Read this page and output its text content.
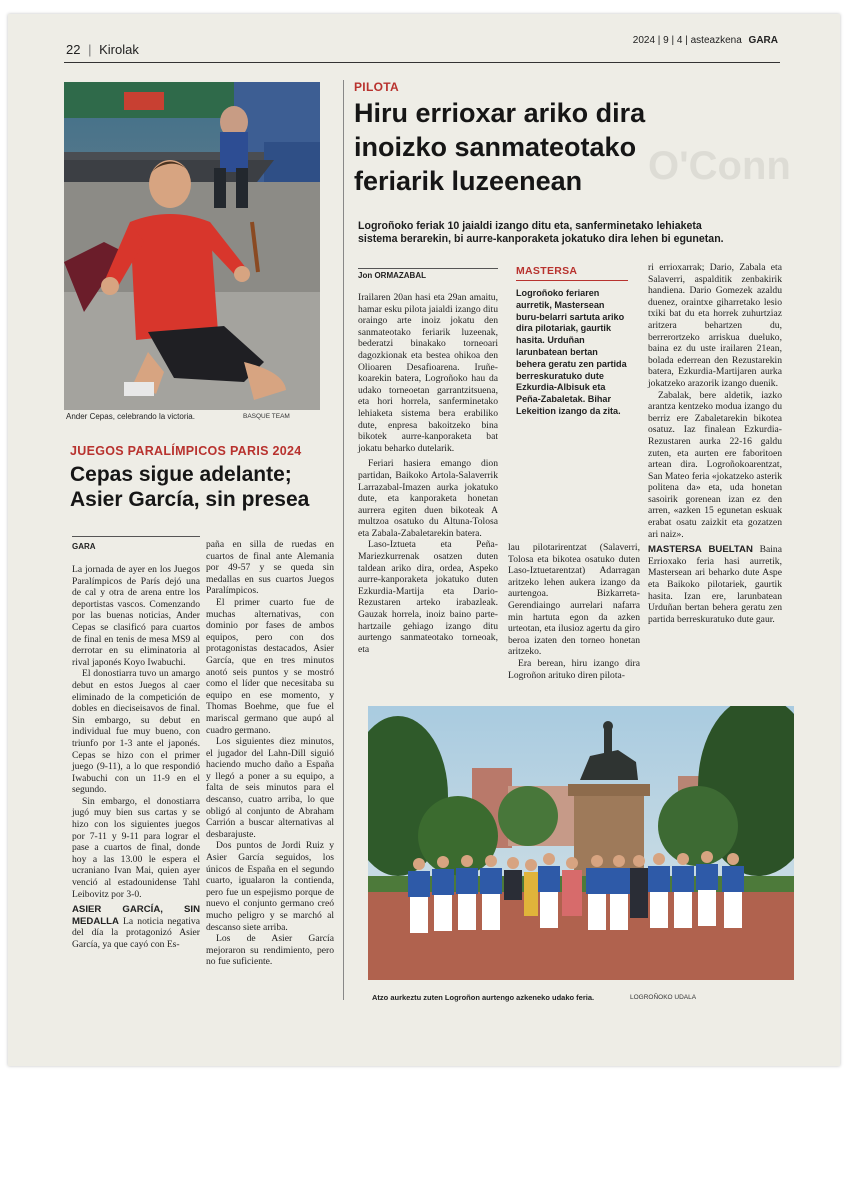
O'Conn
22 | Kirolak
2024 | 9 | 4 | asteazkena GARA
Ander Cepas, celebrando la victoria.	BASQUE TEAM
JUEGOS PARALÍMPICOS PARIS 2024
Cepas sigue adelante;
Asier García, sin presea
GARA

La jornada de ayer en los Juegos Paralímpicos de París dejó una de cal y otra de arena entre los deportistas vascos. Comenzando por las buenas noticias, Ander Cepas se clasificó para cuartos de final en tenis de mesa MS9 al derrotar en su eliminatoria al rival japonés Koyo Iwabuchi.

El donostiarra tuvo un amargo debut en estos Juegos al caer eliminado de la competición de dobles en dieciseisavos de final. Sin embargo, su debut en individual fue muy bueno, con triunfo por 1-3 ante el japonés. Cepas se hizo con el primer juego (9-11), a lo que respondió Iwabuchi con un 11-9 en el segundo.

Sin embargo, el donostiarra jugó muy bien sus cartas y se hizo con los siguientes juegos por 7-11 y 9-11 para lograr el pase a cuartos de final, donde hoy a las 13.00 le espera el ucraniano Ivan Mai, quien ayer venció al estadounidense Tahl Leibovitz por 3-0.

ASIER GARCÍA, SIN MEDALLA La noticia negativa del día la protagonizó Asier García, ya que cayó con Es-

paña en silla de ruedas en cuartos de final ante Alemania por 49-57 y se queda sin medallas en sus cuartos Juegos Paralímpicos.

El primer cuarto fue de muchas alternativas, con dominio por fases de ambos equipos, pero con dos protagonistas destacados, Asier García, que en tres minutos anotó seis puntos y se mostró como el líder que necesitaba su equipo en ese momento, y Thomas Boehme, que fue el mariscal germano que aupó al cuadro germano.

Los siguientes diez minutos, el jugador del Lahn-Dill siguió haciendo mucho daño a España y llegó a poner a su equipo, a falta de seis minutos para el descanso, cuatro arriba, lo que obligó al conjunto de Abraham Carrión a buscar alternativas al desbarajuste.

Dos puntos de Jordi Ruiz y Asier García seguidos, los únicos de España en el segundo cuarto, igualaron la contienda, pero fue un espejismo porque de nuevo el conjunto germano creó mucho peligro y se marchó al descanso siete arriba.

Los de Asier García mejoraron su rendimiento, pero no fue suficiente.

PILOTA
Hiru errioxar ariko dira
inoizko sanmateotako
feriarik luzeenean
Logroñoko feriak 10 jaialdi izango ditu eta, sanferminetako lehiaketa
sistema berarekin, bi aurre-kanporaketa jokatuko dira lehen bi egunetan.
Jon ORMAZABAL

Irailaren 20an hasi eta 29an amaitu, hamar esku pilota jaialdi izango ditu oraingo arte inoiz jokatu den sanmateotako feriarik luzeenak, bederatzi binakako torneoari dagozkionak eta bestea ohikoa den Olioaren Desafioarena. Iruñe-koarekin batera, Logroñoko hau da udako torneoetan garrantzitsuena, eta hori horrela, sanferminetako lehiaketa sistema bera erabiliko dute, enpresa bakoitzeko bina bikotek aurre-kanporaketa bat jokatu beharko dutelarik.

Feriari hasiera emango dion partidan, Baikoko Artola-Salaverrik Larrazabal-Imazen aurka jokatuko dute, eta kanporaketa honetan aurrera egiten duen bikoteak A multzoa osatuko du Altuna-Tolosa eta Zabala-Zabaletarekin batera.

Laso-Iztueta eta Peña-Mariezkurrenak osatzen duten taldean ariko dira, ordea, Aspeko aurre-kanporaketa jokatuko duten Ezkurdia-Martija eta Dario-Rezustaren arteko irabazleak. Gauzak horrela, inoiz baino parte-hartzaile gehiago izango ditu aurtengo sanmateotako torneoak, eta

MASTERSA
Logroñoko feriaren aurretik, Mastersean buru-belarri sartuta ariko dira pilotariak, gaurtik hasita. Urduñan larunbatean bertan behera geratu zen partida berreskuratuko dute Ezkurdia-Albisuk eta Peña-Zabaletak. Bihar Lekeition izango da zita.

lau pilotarirentzat (Salaverri, Tolosa eta bikotea osatuko duten Laso-Iztuetarentzat) Adarragan aritzeko lehen aukera izango da aurtengoa. Bizkarreta-Gerendiaingo aurrelari nafarra min hartuta egon da azken urteotan, eta ilusioz agertu da giro beroa izaten den torneo honetan aritzeko.

Era berean, hiru izango dira Logroñon arituko diren pilota-

ri errioxarrak; Dario, Zabala eta Salaverri, aspalditik zenbakirik handiena. Dario Gomezek azaldu duenez, oraintxe giharretako lesio txiki bat du eta horrek zuhurtziaz aritzera behartzen du, berrerortzeko arriskua dueluko, baina ez du uste irailaren 21ean, bolada ederrean den Rezustarekin batera, Ezkurdia-Martijaren aurka jokatzeko arazorik izango duenik.

Zabalak, bere aldetik, iazko arantza kentzeko modua izango du berriz ere Zabaletarekin bikotea osatuz. Iaz finalean Ezkurdia-Rezustaren aurka 22-16 galdu zuten, eta aurten ere faboritoen artean dira. Logroñokoarentzat, San Mateo feria «jokatzeko asterik politena da» eta, uda honetan sasoirik gorenean izan ez den arren, «azken 15 egunetan eskuak erabat osatu zaizkit eta gozatzen ari naiz».

MASTERSA BUELTAN Baina Errioxako feria hasi aurretik, Mastersean ari beharko dute Aspe eta Baikoko pilotariek, gaurtik hasita. Izan ere, larunbatean Urduñan bertan behera geratu zen partida berreskuratuko dute gaur.

Atzo aurkeztu zuten Logroñon aurtengo azkeneko udako feria.	LOGROÑOKO UDALA
